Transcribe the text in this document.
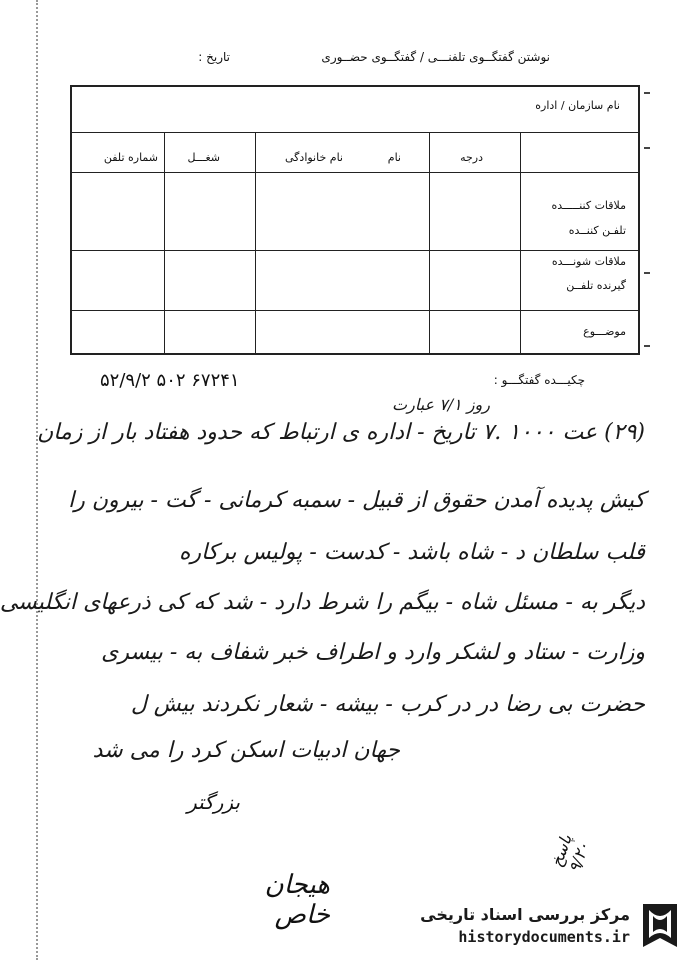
نوشتن گفتگــوی تلفنـــی / گفتگــوی حضــوری
تاریخ :
نام سازمان / اداره
درجه
نام
نام خانوادگی
شغـــل
شماره تلفن
ملاقات کننـــــده
تلفـن کننــده
ملاقات شونـــده
گیرنده تلفــن
موضـــوع
چکیـــده گفتگـــو :
۵۲/۹/۲ ۵۰۲ ۶۷۲۴۱
روز ۷/۱ عبارت
(۲۹) عت ۱۰۰۰ .۷ تاریخ - اداره ی ارتباط که حدود هفتاد بار از زمان
کیش پدیده آمدن حقوق از قبیل - سمبه کرمانی - گت - بیرون را
قلب سلطان د - شاه باشد - کدست - پولیس برکاره
دیگر به - مسئل شاه - بیگم را شرط دارد - شد که کی ذرعهای انگلیسی
وزارت - ستاد و لشکر وارد و اطراف خبر شفاف به - بیسری
حضرت بی رضا در در کرب - بیشه - شعار نکردند بیش ل
جهان ادبیات اسکن کرد را می شد
بزرگتر
پاسخ ۹/۲۰
هیجان خاص	مرکز بررسی اسناد تاریخی
historydocuments.ir
